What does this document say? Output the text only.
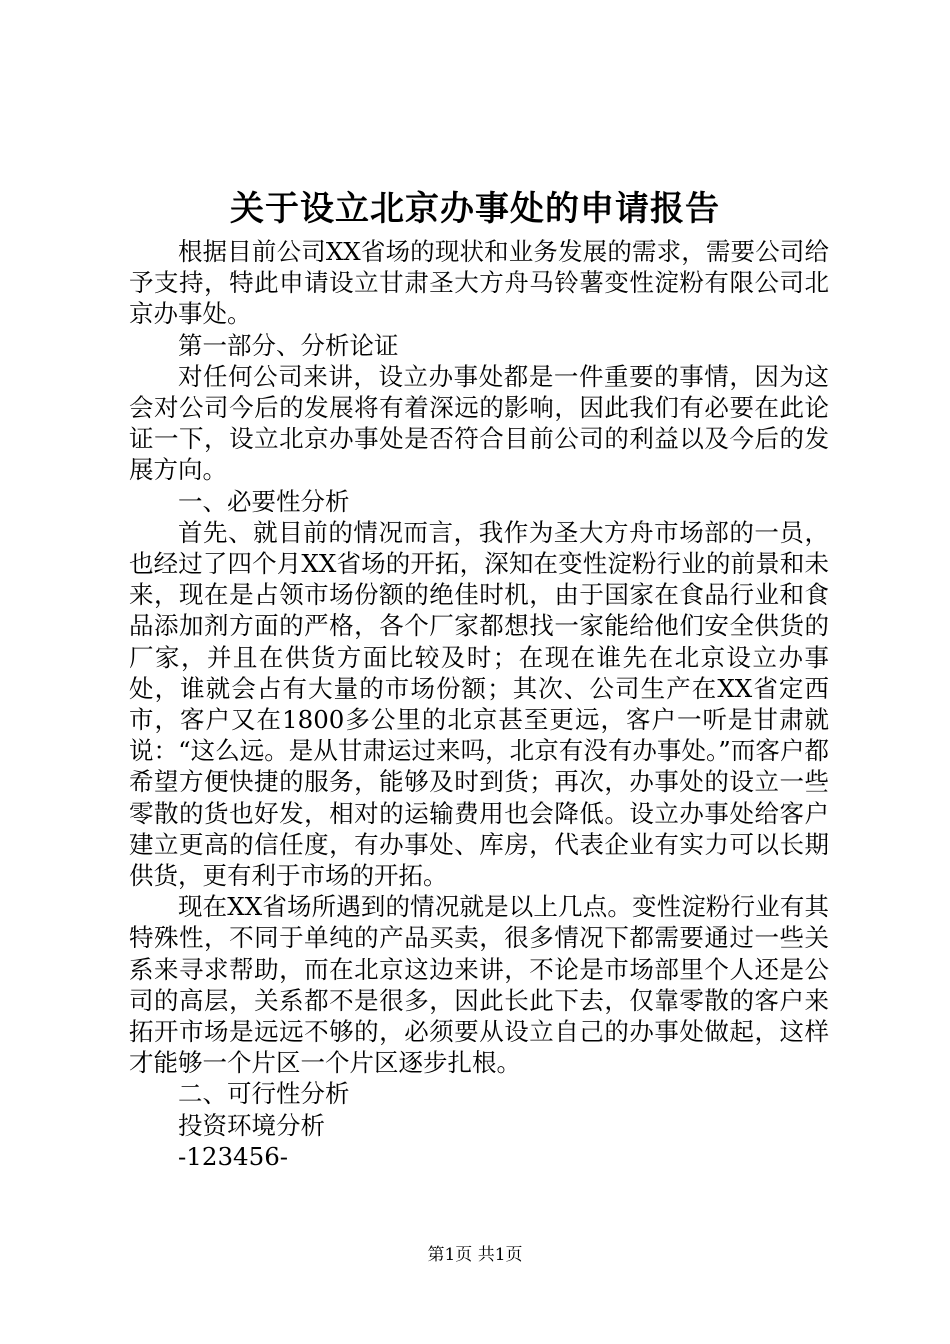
关于设立北京办事处的申请报告

根据目前公司XX省场的现状和业务发展的需求，需要公司给予支持，特此申请设立甘肃圣大方舟马铃薯变性淀粉有限公司北京办事处。

第一部分、分析论证

对任何公司来讲，设立办事处都是一件重要的事情，因为这会对公司今后的发展将有着深远的影响，因此我们有必要在此论证一下，设立北京办事处是否符合目前公司的利益以及今后的发展方向。

一、必要性分析

首先、就目前的情况而言，我作为圣大方舟市场部的一员，也经过了四个月XX省场的开拓，深知在变性淀粉行业的前景和未来，现在是占领市场份额的绝佳时机，由于国家在食品行业和食品添加剂方面的严格，各个厂家都想找一家能给他们安全供货的厂家，并且在供货方面比较及时；在现在谁先在北京设立办事处，谁就会占有大量的市场份额；其次、公司生产在XX省定西市，客户又在1800多公里的北京甚至更远，客户一听是甘肃就说：“这么远。是从甘肃运过来吗，北京有没有办事处。”而客户都希望方便快捷的服务，能够及时到货；再次，办事处的设立一些零散的货也好发，相对的运输费用也会降低。设立办事处给客户建立更高的信任度，有办事处、库房，代表企业有实力可以长期供货，更有利于市场的开拓。

现在XX省场所遇到的情况就是以上几点。变性淀粉行业有其特殊性，不同于单纯的产品买卖，很多情况下都需要通过一些关系来寻求帮助，而在北京这边来讲，不论是市场部里个人还是公司的高层，关系都不是很多，因此长此下去，仅靠零散的客户来拓开市场是远远不够的，必须要从设立自己的办事处做起，这样才能够一个片区一个片区逐步扎根。

二、可行性分析

投资环境分析

-123456-

第1页 共1页
